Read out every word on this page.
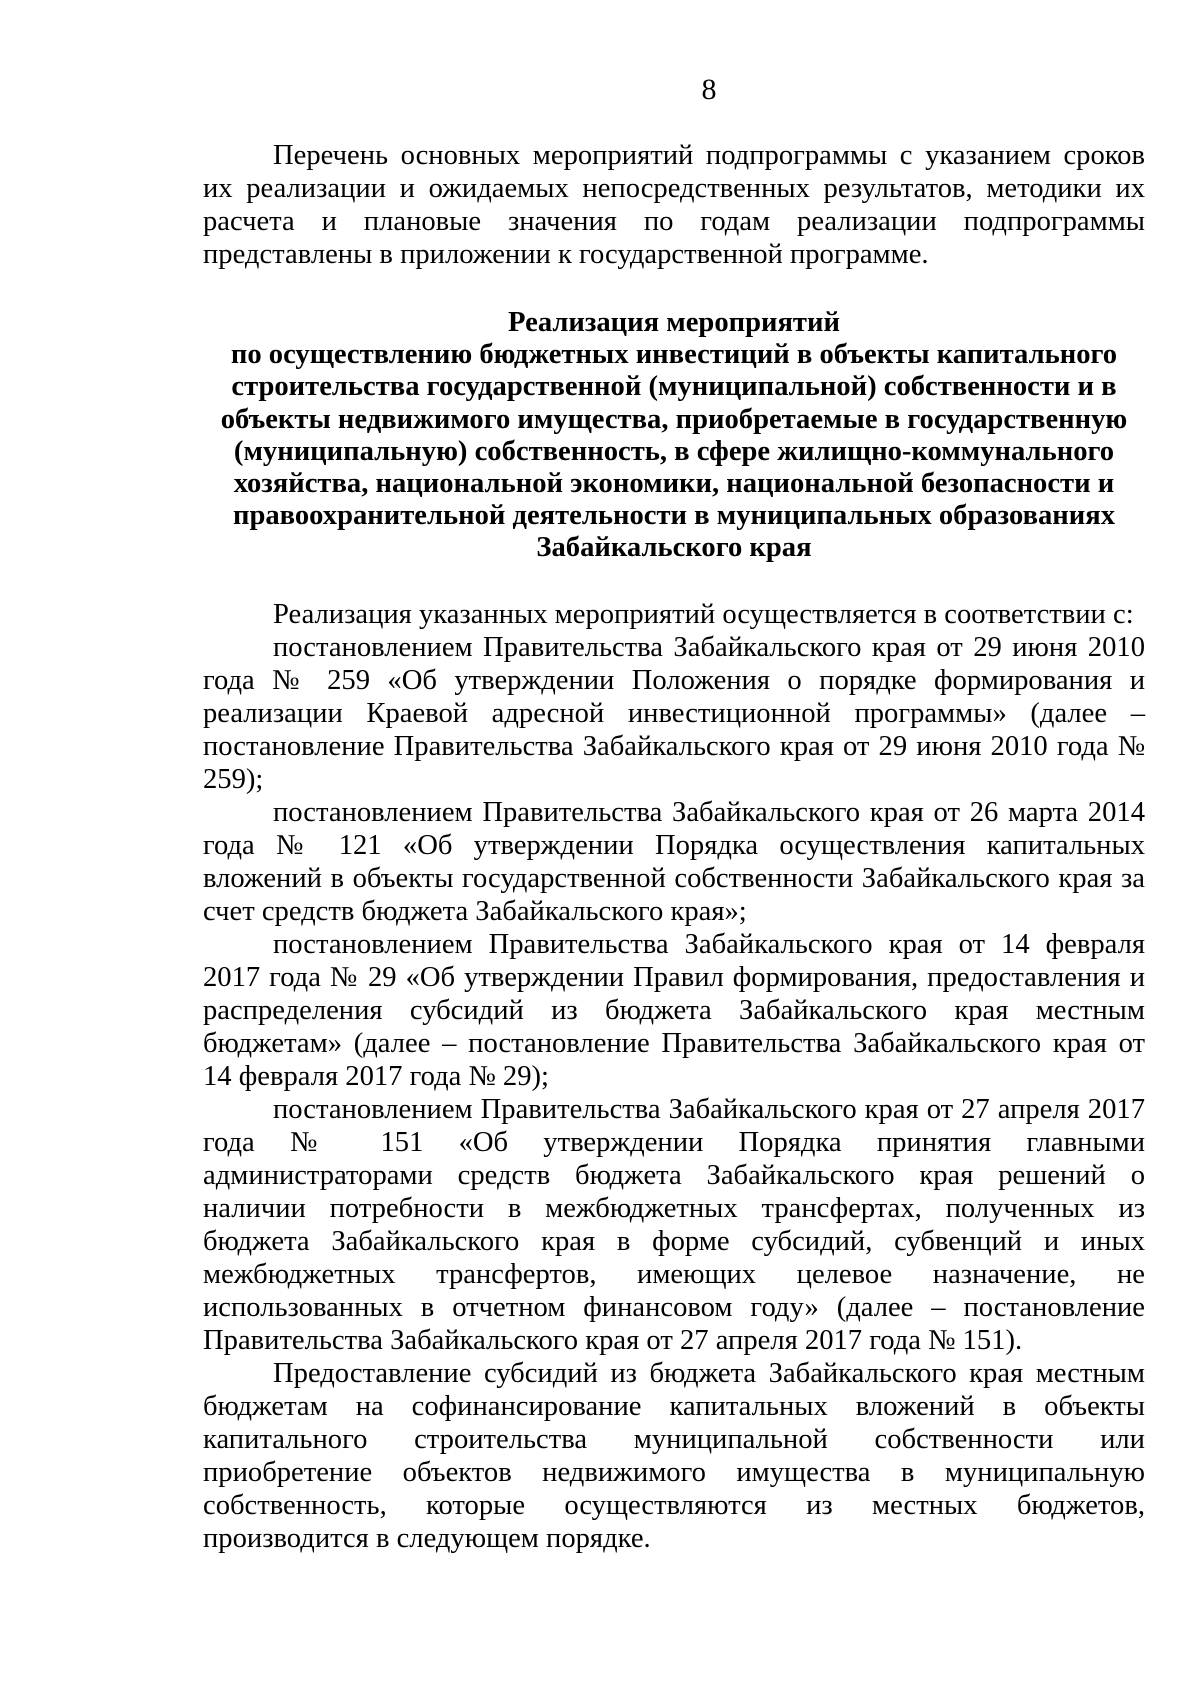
8

Перечень основных мероприятий подпрограммы с указанием сроков их реализации и ожидаемых непосредственных результатов, методики их расчета и плановые значения по годам реализации подпрограммы представлены в приложении к государственной программе.

Реализация мероприятий
по осуществлению бюджетных инвестиций в объекты капитального
строительства государственной (муниципальной) собственности и в
объекты недвижимого имущества, приобретаемые в государственную
(муниципальную) собственность, в сфере жилищно-коммунального
хозяйства, национальной экономики, национальной безопасности и
правоохранительной деятельности в муниципальных образованиях
Забайкальского края

Реализация указанных мероприятий осуществляется в соответствии с:

постановлением Правительства Забайкальского края от 29 июня 2010 года № 259 «Об утверждении Положения о порядке формирования и реализации Краевой адресной инвестиционной программы» (далее – постановление Правительства Забайкальского края от 29 июня 2010 года № 259);

постановлением Правительства Забайкальского края от 26 марта 2014 года № 121 «Об утверждении Порядка осуществления капитальных вложений в объекты государственной собственности Забайкальского края за счет средств бюджета Забайкальского края»;

постановлением Правительства Забайкальского края от 14 февраля 2017 года № 29 «Об утверждении Правил формирования, предоставления и распределения субсидий из бюджета Забайкальского края местным бюджетам» (далее – постановление Правительства Забайкальского края от 14 февраля 2017 года № 29);

постановлением Правительства Забайкальского края от 27 апреля 2017 года № 151 «Об утверждении Порядка принятия главными администраторами средств бюджета Забайкальского края решений о наличии потребности в межбюджетных трансфертах, полученных из бюджета Забайкальского края в форме субсидий, субвенций и иных межбюджетных трансфертов, имеющих целевое назначение, не использованных в отчетном финансовом году» (далее – постановление Правительства Забайкальского края от 27 апреля 2017 года № 151).

Предоставление субсидий из бюджета Забайкальского края местным бюджетам на софинансирование капитальных вложений в объекты капитального строительства муниципальной собственности или приобретение объектов недвижимого имущества в муниципальную собственность, которые осуществляются из местных бюджетов, производится в следующем порядке.
